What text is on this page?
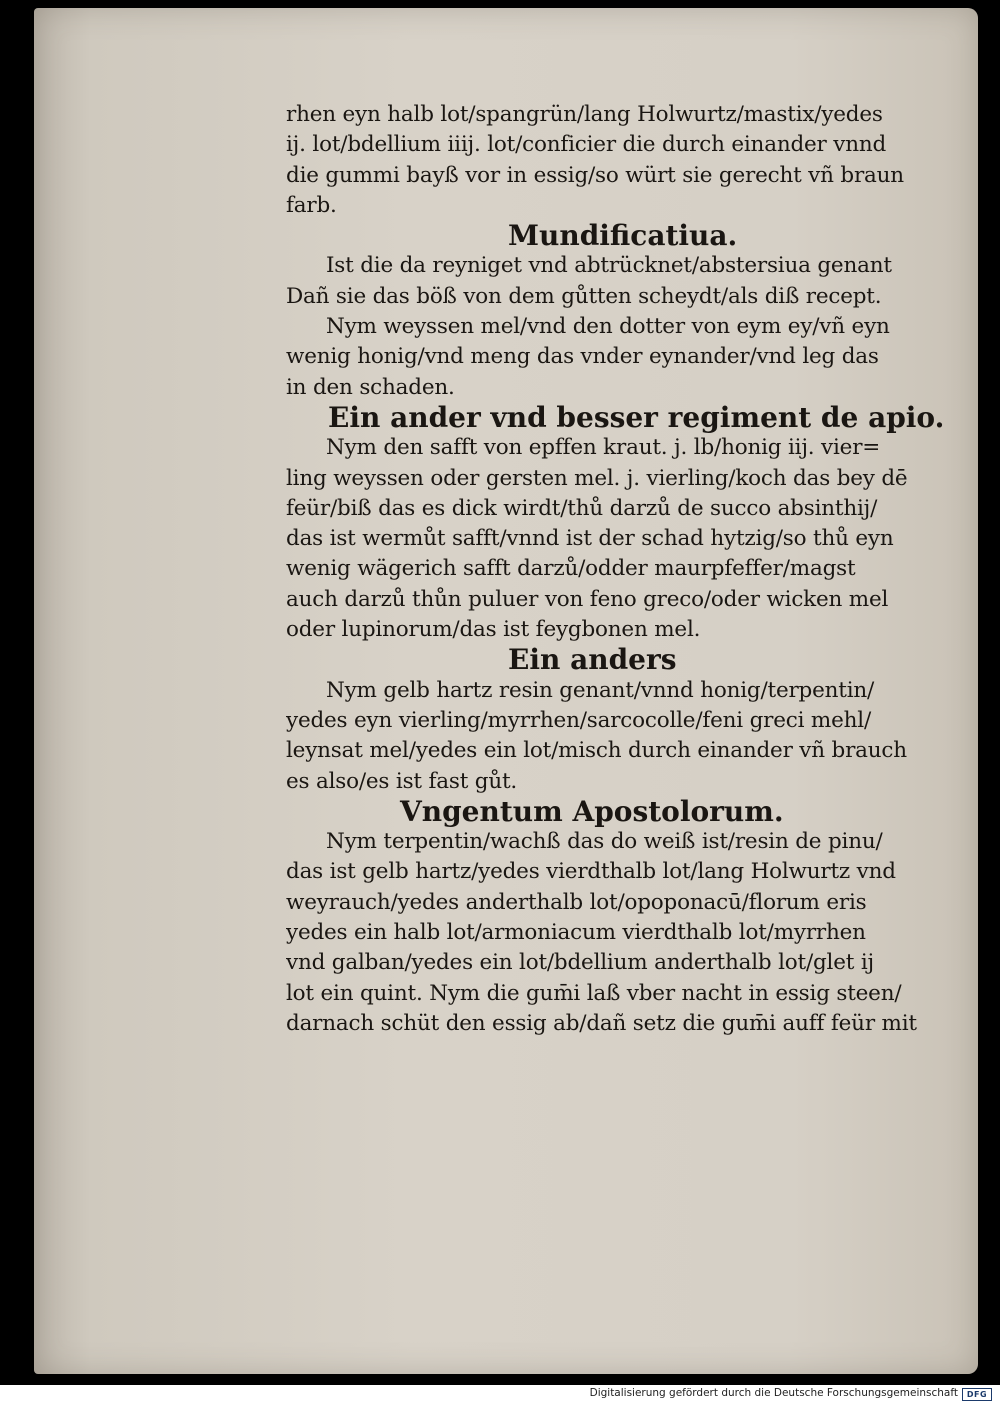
rhen eyn halb lot/spangrün/lang Holwurtz/mastix/yedes
ij. lot/bdellium iiij. lot/conficier die durch einander vnnd
die gummi bayß vor in essig/so würt sie gerecht vñ braun
farb.
Mundificatiua.
Ist die da reyniget vnd abtrücknet/abstersiua genant
Dañ sie das böß von dem gůtten scheydt/als diß recept.
Nym weyssen mel/vnd den dotter von eym ey/vñ eyn
wenig honig/vnd meng das vnder eynander/vnd leg das
in den schaden.
Ein ander vnd besser regiment de apio.
Nym den safft von epffen kraut. j. lb/honig iij. vier=
ling weyssen oder gersten mel. j. vierling/koch das bey dē
feür/biß das es dick wirdt/thů darzů de succo absinthij/
das ist wermůt safft/vnnd ist der schad hytzig/so thů eyn
wenig wägerich safft darzů/odder maurpfeffer/magst
auch darzů thůn puluer von feno greco/oder wicken mel
oder lupinorum/das ist feygbonen mel.
Ein anders
Nym gelb hartz resin genant/vnnd honig/terpentin/
yedes eyn vierling/myrrhen/sarcocolle/feni greci mehl/
leynsat mel/yedes ein lot/misch durch einander vñ brauch
es also/es ist fast gůt.
Vngentum Apostolorum.
Nym terpentin/wachß das do weiß ist/resin de pinu/
das ist gelb hartz/yedes vierdthalb lot/lang Holwurtz vnd
weyrauch/yedes anderthalb lot/opoponacū/florum eris
yedes ein halb lot/armoniacum vierdthalb lot/myrrhen
vnd galban/yedes ein lot/bdellium anderthalb lot/glet ij
lot ein quint. Nym die gum̄i laß vber nacht in essig steen/
darnach schüt den essig ab/dañ setz die gum̄i auff feür mit
Digitalisierung gefördert durch die Deutsche Forschungsgemeinschaft	DFG
